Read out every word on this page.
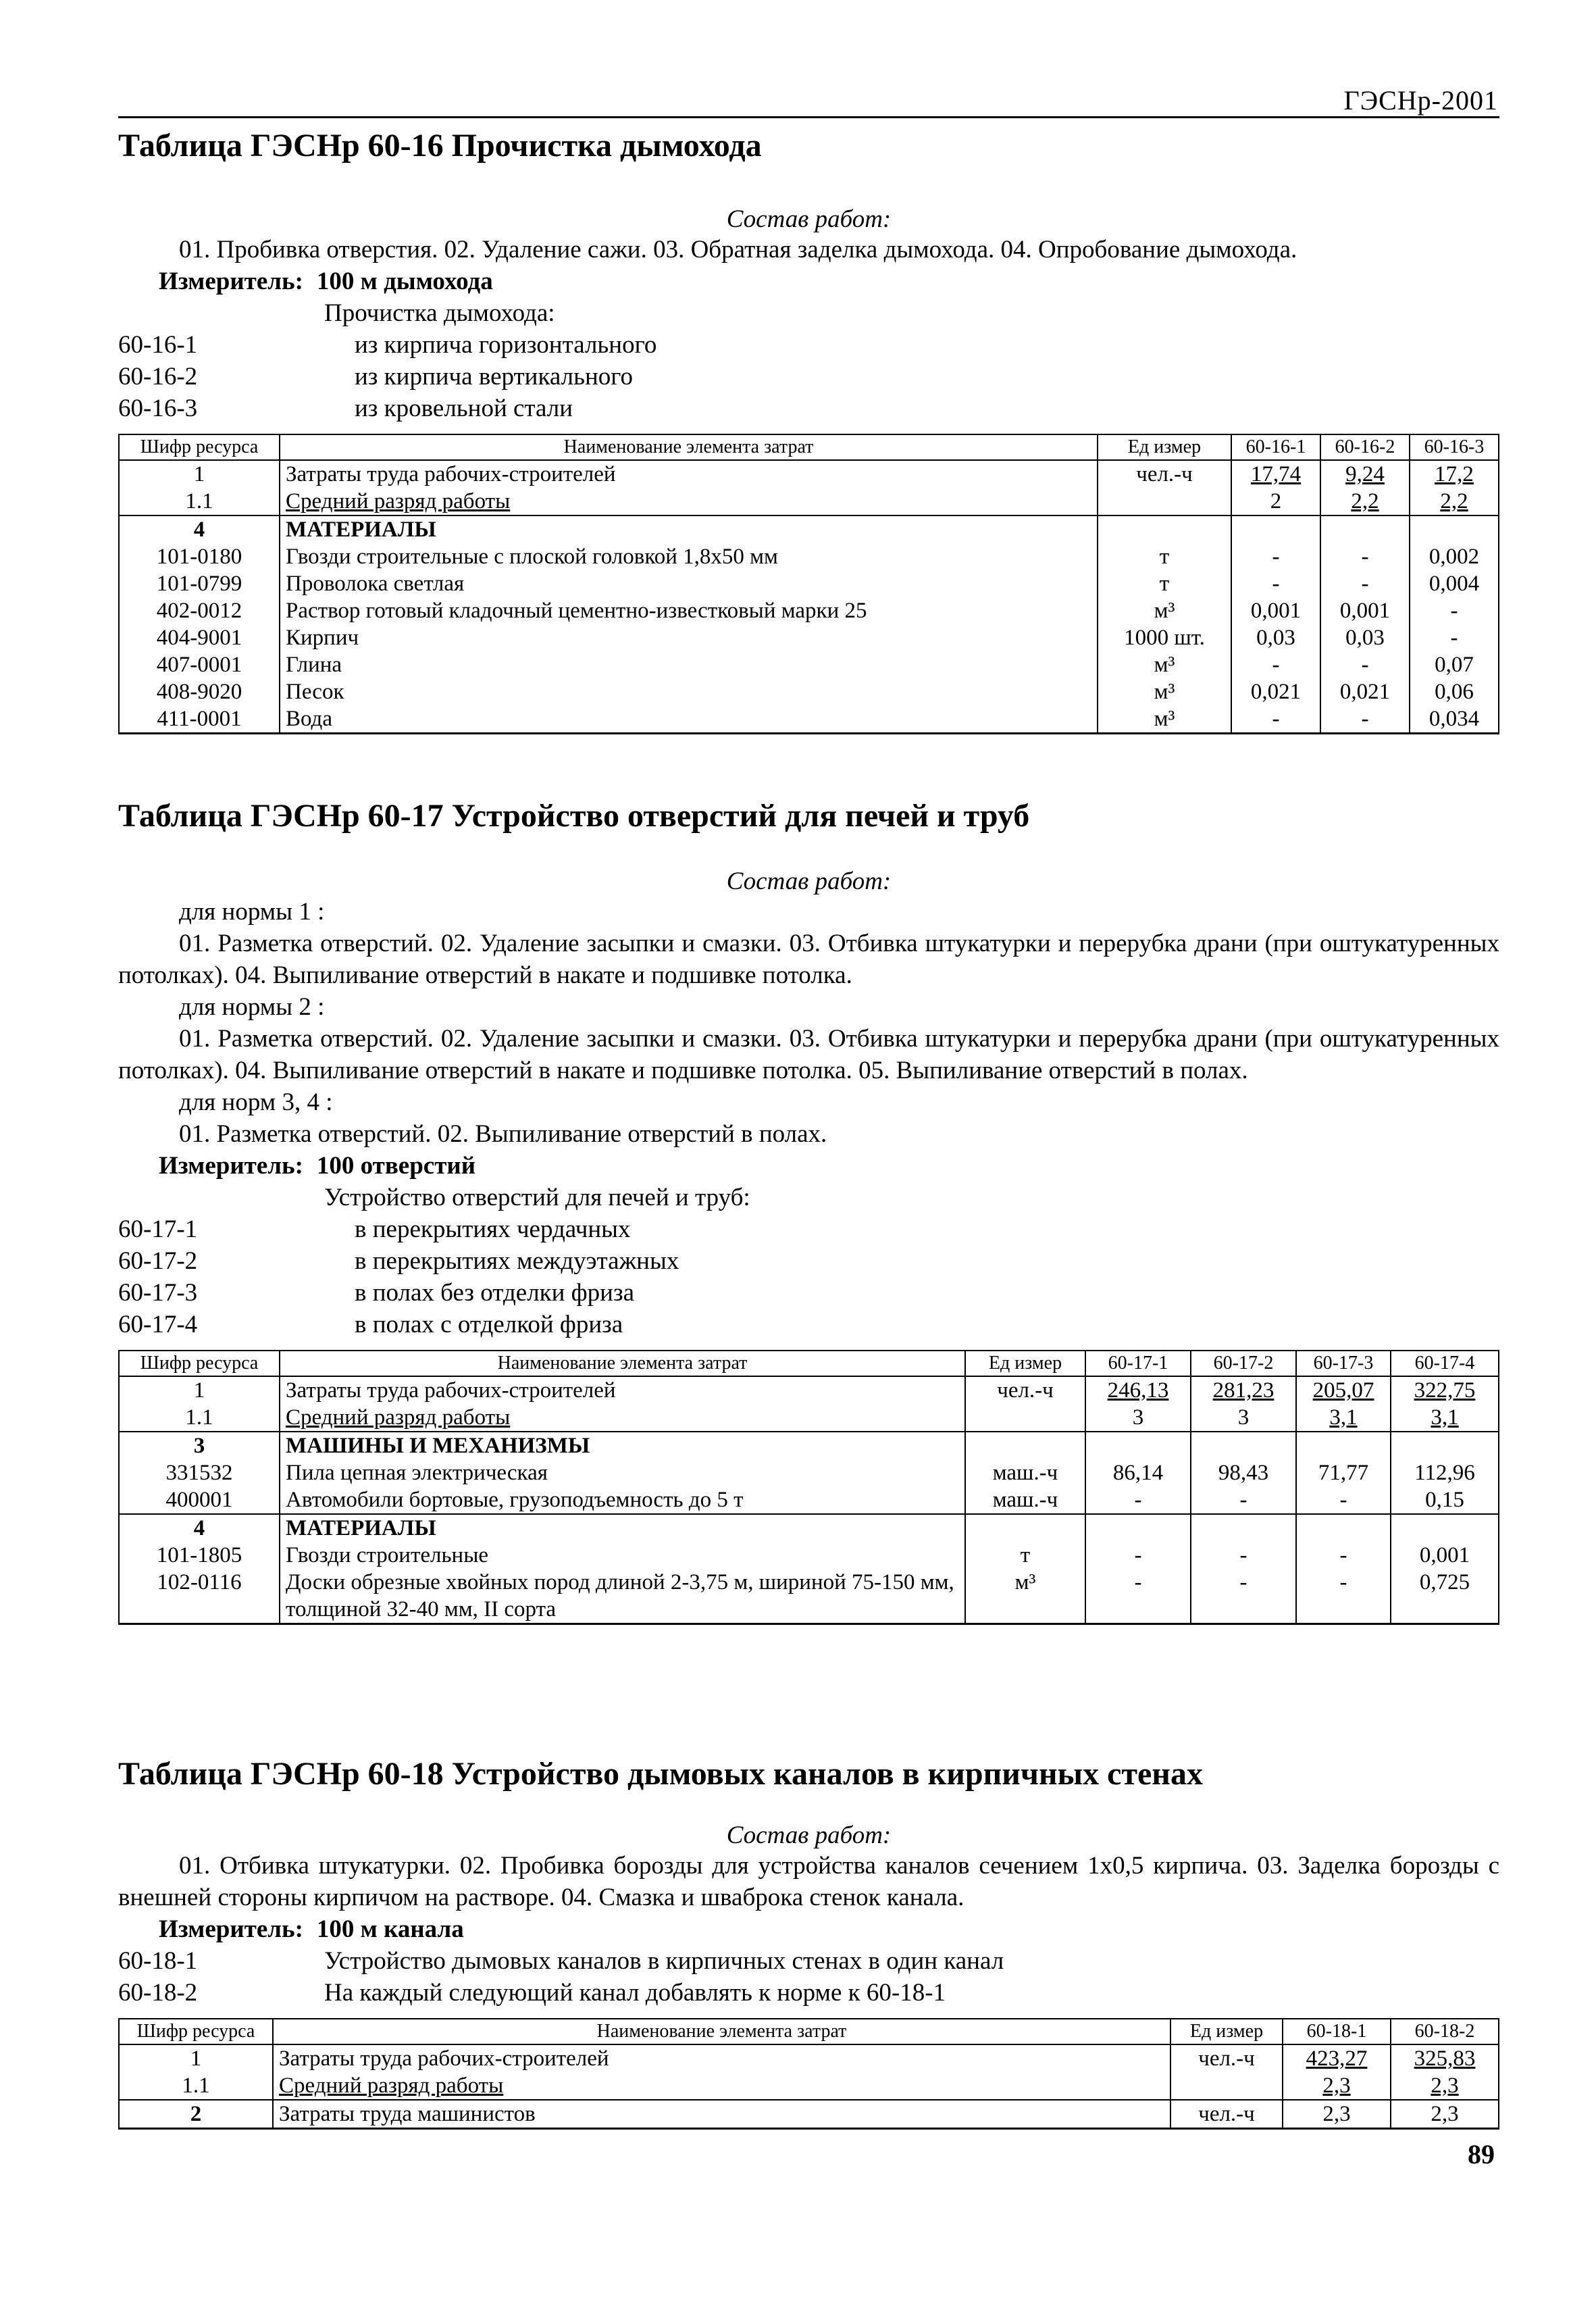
ГЭСНр-2001
Таблица ГЭСНр 60-16 Прочистка дымохода

Состав работ:

01. Пробивка отверстия. 02. Удаление сажи. 03. Обратная заделка дымохода. 04. Опробование дымохода.

Измеритель: 100 м дымохода
Прочистка дымохода:
60-16-1	из кирпича горизонтального
60-16-2	из кирпича вертикального
60-16-3	из кровельной стали
Шифр ресурса	Наименование элемента затрат	Ед измер	60-16-1	60-16-2	60-16-3
1	Затраты труда рабочих-строителей	чел.-ч	17,74	9,24	17,2
1.1	Средний разряд работы		2	2,2	2,2
4	МАТЕРИАЛЫ				
101-0180	Гвозди строительные с плоской головкой 1,8x50 мм	т	-	-	0,002
101-0799	Проволока светлая	т	-	-	0,004
402-0012	Раствор готовый кладочный цементно-известковый марки 25	м³	0,001	0,001	-
404-9001	Кирпич	1000 шт.	0,03	0,03	-
407-0001	Глина	м³	-	-	0,07
408-9020	Песок	м³	0,021	0,021	0,06
411-0001	Вода	м³	-	-	0,034
Таблица ГЭСНр 60-17 Устройство отверстий для печей и труб

Состав работ:

для нормы 1 :

01. Разметка отверстий. 02. Удаление засыпки и смазки. 03. Отбивка штукатурки и перерубка драни (при оштукатуренных потолках). 04. Выпиливание отверстий в накате и подшивке потолка.

для нормы 2 :

01. Разметка отверстий. 02. Удаление засыпки и смазки. 03. Отбивка штукатурки и перерубка драни (при оштукатуренных потолках). 04. Выпиливание отверстий в накате и подшивке потолка. 05. Выпиливание отверстий в полах.

для норм 3, 4 :

01. Разметка отверстий. 02. Выпиливание отверстий в полах.

Измеритель: 100 отверстий
Устройство отверстий для печей и труб:
60-17-1	в перекрытиях чердачных
60-17-2	в перекрытиях междуэтажных
60-17-3	в полах без отделки фриза
60-17-4	в полах с отделкой фриза
Шифр ресурса	Наименование элемента затрат	Ед измер	60-17-1	60-17-2	60-17-3	60-17-4
1	Затраты труда рабочих-строителей	чел.-ч	246,13	281,23	205,07	322,75
1.1	Средний разряд работы		3	3	3,1	3,1
3	МАШИНЫ И МЕХАНИЗМЫ					
331532	Пила цепная электрическая	маш.-ч	86,14	98,43	71,77	112,96
400001	Автомобили бортовые, грузоподъемность до 5 т	маш.-ч	-	-	-	0,15
4	МАТЕРИАЛЫ					
101-1805	Гвозди строительные	т	-	-	-	0,001
102-0116	Доски обрезные хвойных пород длиной 2-3,75 м, шириной 75-150 мм, толщиной 32-40 мм, II сорта	м³	-	-	-	0,725
Таблица ГЭСНр 60-18 Устройство дымовых каналов в кирпичных стенах

Состав работ:

01. Отбивка штукатурки. 02. Пробивка борозды для устройства каналов сечением 1x0,5 кирпича. 03. Заделка борозды с внешней стороны кирпичом на растворе. 04. Смазка и шваброка стенок канала.

Измеритель: 100 м канала
60-18-1	Устройство дымовых каналов в кирпичных стенах в один канал
60-18-2	На каждый следующий канал добавлять к норме к 60-18-1
Шифр ресурса	Наименование элемента затрат	Ед измер	60-18-1	60-18-2
1	Затраты труда рабочих-строителей	чел.-ч	423,27	325,83
1.1	Средний разряд работы		2,3	2,3
2	Затраты труда машинистов	чел.-ч	2,3	2,3
89
